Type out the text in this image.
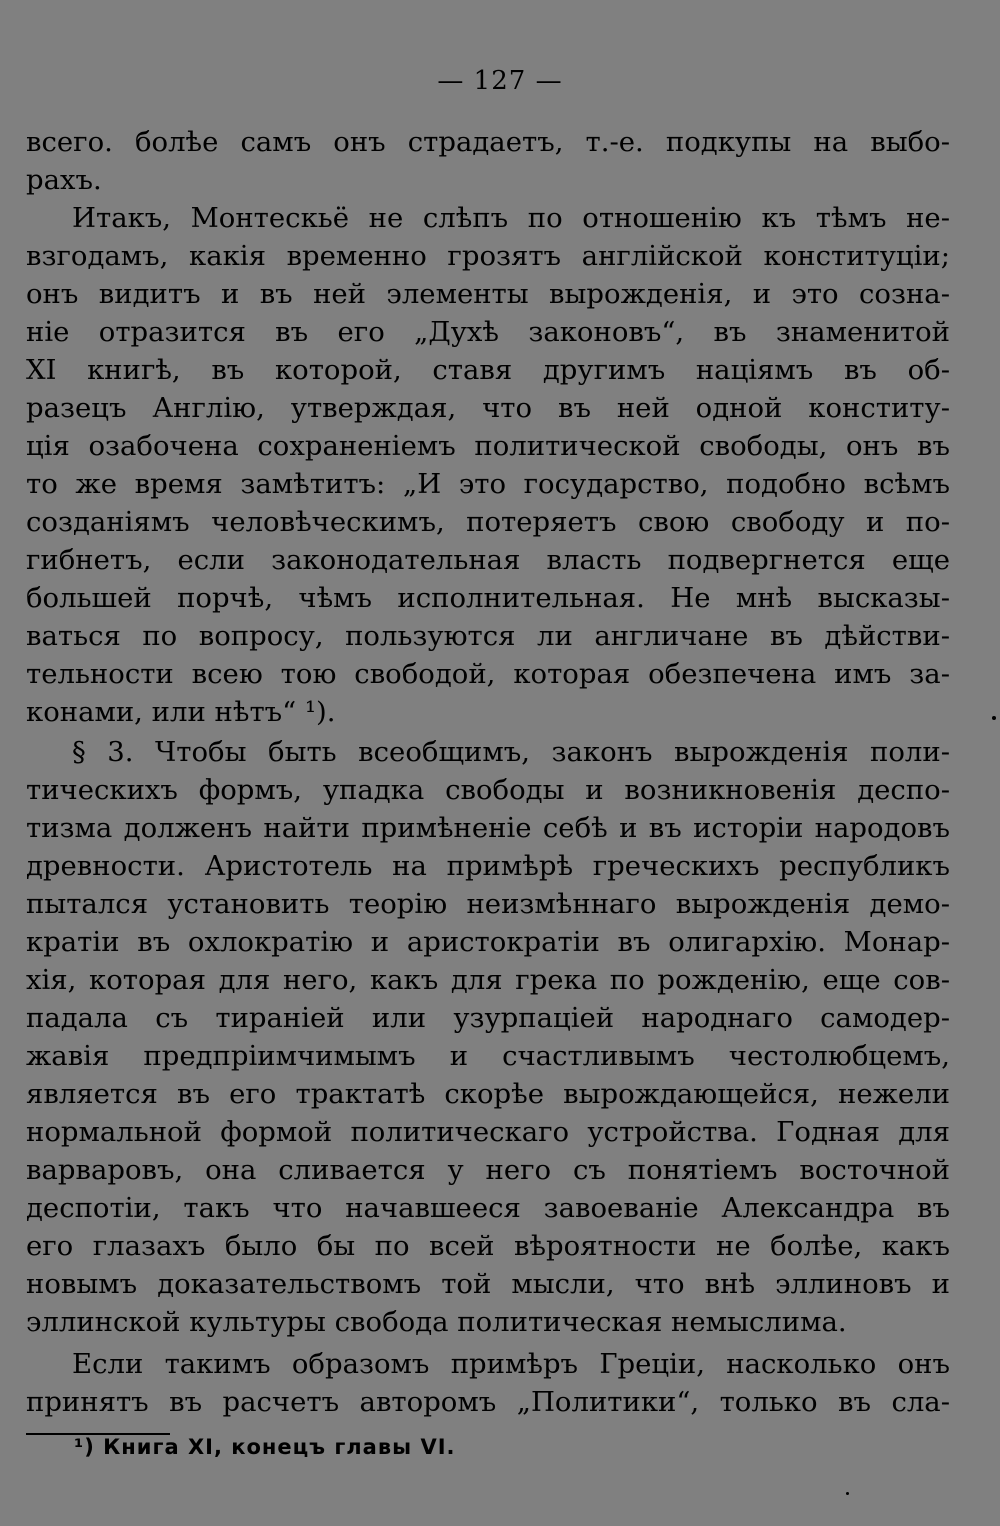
— 127 —
всего. болѣе самъ онъ страдаетъ, т.-е. подкупы на выбо-
рахъ.
Итакъ, Монтескьё не слѣпъ по отношенію къ тѣмъ не-
взгодамъ, какія временно грозятъ англійской конституціи;
онъ видитъ и въ ней элементы вырожденія, и это созна-
ніе отразится въ его „Духѣ законовъ“, въ знаменитой
XI книгѣ, въ которой, ставя другимъ націямъ въ об-
разецъ Англію, утверждая, что въ ней одной конститу-
ція озабочена сохраненіемъ политической свободы, онъ въ
то же время замѣтитъ: „И это государство, подобно всѣмъ
созданіямъ человѣческимъ, потеряетъ свою свободу и по-
гибнетъ, если законодательная власть подвергнется еще
большей порчѣ, чѣмъ исполнительная. Не мнѣ высказы-
ваться по вопросу, пользуются ли англичане въ дѣйстви-
тельности всею тою свободой, которая обезпечена имъ за-
конами, или нѣтъ“ ¹).
§ 3. Чтобы быть всеобщимъ, законъ вырожденія поли-
тическихъ формъ, упадка свободы и возникновенія деспо-
тизма долженъ найти примѣненіе себѣ и въ исторіи народовъ
древности. Аристотель на примѣрѣ греческихъ республикъ
пытался установить теорію неизмѣннаго вырожденія демо-
кратіи въ охлократію и аристократіи въ олигархію. Монар-
хія, которая для него, какъ для грека по рожденію, еще сов-
падала съ тираніей или узурпаціей народнаго самодер-
жавія предпріимчимымъ и счастливымъ честолюбцемъ,
является въ его трактатѣ скорѣе вырождающейся, нежели
нормальной формой политическаго устройства. Годная для
варваровъ, она сливается у него съ понятіемъ восточной
деспотіи, такъ что начавшееся завоеваніе Александра въ
его глазахъ было бы по всей вѣроятности не болѣе, какъ
новымъ доказательствомъ той мысли, что внѣ эллиновъ и
эллинской культуры свобода политическая немыслима.
Если такимъ образомъ примѣръ Греціи, насколько онъ
принятъ въ расчетъ авторомъ „Политики“, только въ сла-
¹) Книга XI, конецъ главы VI.
